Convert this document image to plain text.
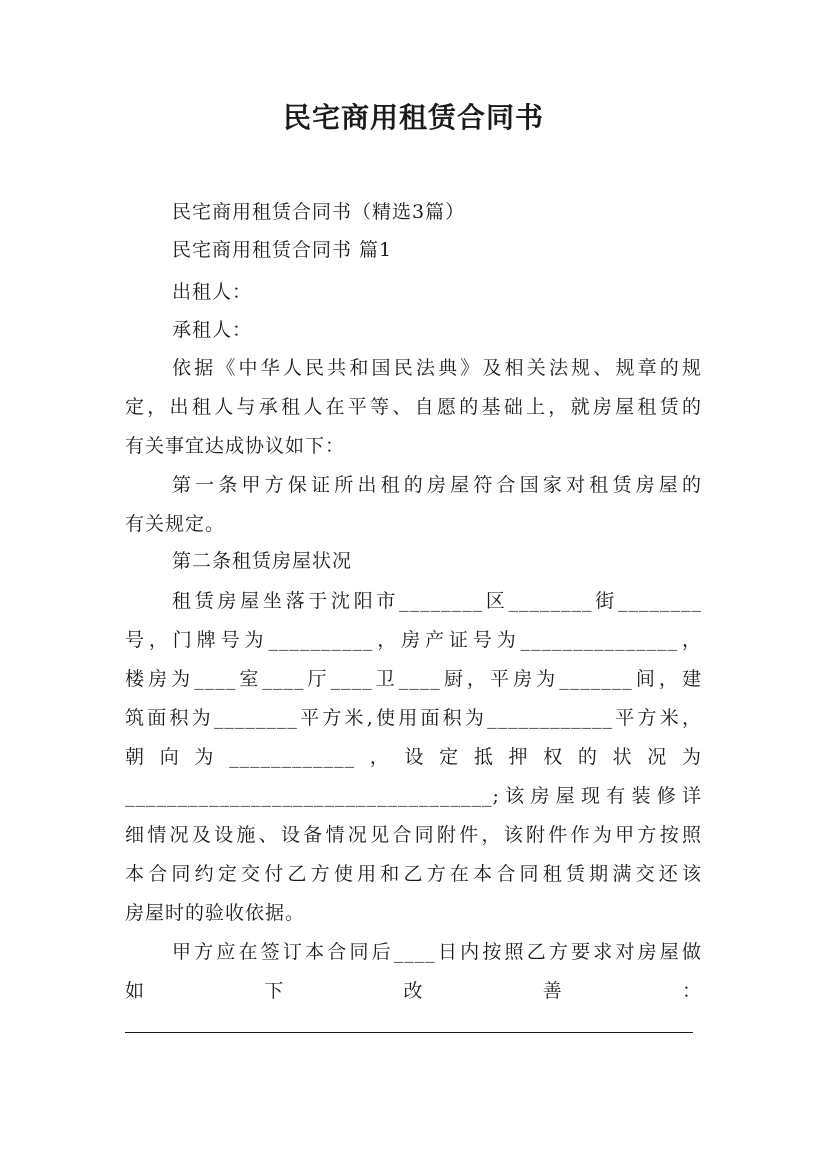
民宅商用租赁合同书
民宅商用租赁合同书（精选3篇）
民宅商用租赁合同书 篇1
出租人：
承租人：
依据《中华人民共和国民法典》及相关法规、规章的规
定，出租人与承租人在平等、自愿的基础上，就房屋租赁的
有关事宜达成协议如下：
第一条甲方保证所出租的房屋符合国家对租赁房屋的
有关规定。
第二条租赁房屋状况
租赁房屋坐落于沈阳市________区________街________
号，门牌号为__________，房产证号为_______________，
楼房为____室____厅____卫____厨，平房为_______间，建
筑面积为________平方米,使用面积为____________平方米，
朝向为____________，设定抵押权的状况为
___________________________________;该房屋现有装修详
细情况及设施、设备情况见合同附件，该附件作为甲方按照
本合同约定交付乙方使用和乙方在本合同租赁期满交还该
房屋时的验收依据。
甲方应在签订本合同后____日内按照乙方要求对房屋做
如下改善：
